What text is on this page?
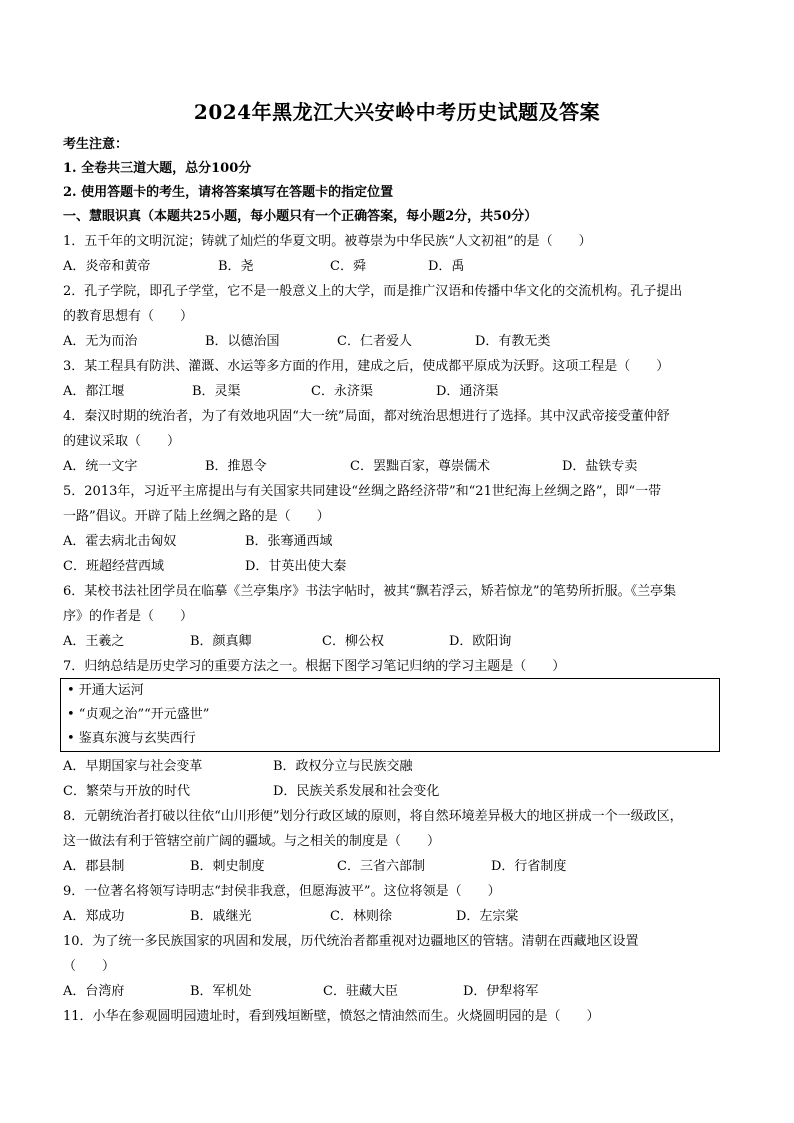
2024年黑龙江大兴安岭中考历史试题及答案
考生注意：
1. 全卷共三道大题，总分100分
2. 使用答题卡的考生，请将答案填写在答题卡的指定位置
一、慧眼识真（本题共25小题，每小题只有一个正确答案，每小题2分，共50分）
1．五千年的文明沉淀；铸就了灿烂的华夏文明。被尊崇为中华民族“人文初祖”的是（　　）
A．炎帝和黄帝	B．尧	C．舜	D．禹
2．孔子学院，即孔子学堂，它不是一般意义上的大学，而是推广汉语和传播中华文化的交流机构。孔子提出
的教育思想有（　　）
A．无为而治	B．以德治国	C．仁者爱人	D．有教无类
3．某工程具有防洪、灌溉、水运等多方面的作用，建成之后，使成都平原成为沃野。这项工程是（　　）
A．都江堰	B．灵渠	C．永济渠	D．通济渠
4．秦汉时期的统治者，为了有效地巩固“大一统”局面，都对统治思想进行了选择。其中汉武帝接受董仲舒
的建议采取（　　）
A．统一文字	B．推恩令	C．罢黜百家，尊崇儒术	D．盐铁专卖
5．2013年，习近平主席提出与有关国家共同建设“丝绸之路经济带”和“21世纪海上丝绸之路”，即“一带
一路”倡议。开辟了陆上丝绸之路的是（　　）
A．霍去病北击匈奴	B．张骞通西域
C．班超经营西域	D．甘英出使大秦
6．某校书法社团学员在临摹《兰亭集序》书法字帖时，被其“飘若浮云，矫若惊龙”的笔势所折服。《兰亭集
序》的作者是（　　）
A．王羲之	B．颜真卿	C．柳公权	D．欧阳询
7．归纳总结是历史学习的重要方法之一。根据下图学习笔记归纳的学习主题是（　　）
• 开通大运河
• “贞观之治”“开元盛世”
• 鉴真东渡与玄奘西行
A．早期国家与社会变革	B．政权分立与民族交融
C．繁荣与开放的时代	D．民族关系发展和社会变化
8．元朝统治者打破以往依“山川形便”划分行政区域的原则，将自然环境差异极大的地区拼成一个一级政区，
这一做法有利于管辖空前广阔的疆域。与之相关的制度是（　　）
A．郡县制	B．刺史制度	C．三省六部制	D．行省制度
9．一位著名将领写诗明志“封侯非我意，但愿海波平”。这位将领是（　　）
A．郑成功	B．戚继光	C．林则徐	D．左宗棠
10．为了统一多民族国家的巩固和发展，历代统治者都重视对边疆地区的管辖。清朝在西藏地区设置
（　　）
A．台湾府	B．军机处	C．驻藏大臣	D．伊犁将军
11．小华在参观圆明园遗址时，看到残垣断壁，愤怒之情油然而生。火烧圆明园的是（　　）
